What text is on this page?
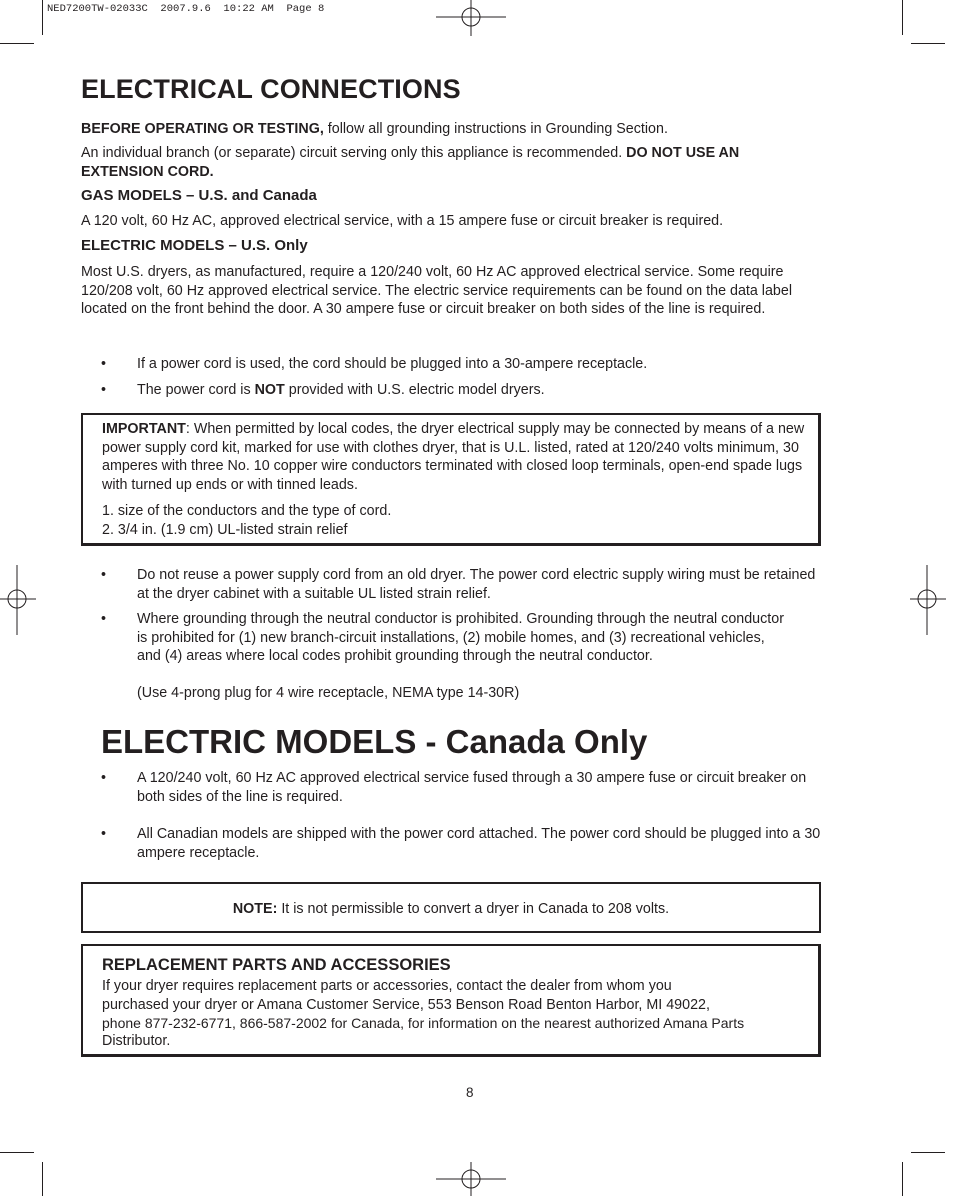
NED7200TW-02033C  2007.9.6  10:22 AM  Page 8
ELECTRICAL CONNECTIONS

BEFORE OPERATING OR TESTING, follow all grounding instructions in Grounding Section.

An individual branch (or separate) circuit serving only this appliance is recommended. DO NOT USE AN EXTENSION CORD.

GAS MODELS – U.S. and Canada

A 120 volt, 60 Hz AC, approved electrical service, with a 15 ampere fuse or circuit breaker is required.

ELECTRIC MODELS – U.S. Only

Most U.S. dryers, as manufactured, require a 120/240 volt, 60 Hz AC approved electrical service. Some require 120/208 volt, 60 Hz approved electrical service. The electric service requirements can be found on the data label located on the front behind the door. A 30 ampere fuse or circuit breaker on both sides of the line is required.

• If a power cord is used, the cord should be plugged into a 30-ampere receptacle.

• The power cord is NOT provided with U.S. electric model dryers.

IMPORTANT: When permitted by local codes, the dryer electrical supply may be connected by means of a new power supply cord kit, marked for use with clothes dryer, that is U.L. listed, rated at 120/240 volts minimum, 30 amperes with three No. 10 copper wire conductors terminated with closed loop terminals, open-end spade lugs with turned up ends or with tinned leads.

1. size of the conductors and the type of cord.
2. 3/4 in. (1.9 cm) UL-listed strain relief
• Do not reuse a power supply cord from an old dryer. The power cord electric supply wiring must be retained at the dryer cabinet with a suitable UL listed strain relief.

• Where grounding through the neutral conductor is prohibited. Grounding through the neutral conductor is prohibited for (1) new branch-circuit installations, (2) mobile homes, and (3) recreational vehicles, and (4) areas where local codes prohibit grounding through the neutral conductor.

(Use 4-prong plug for 4 wire receptacle, NEMA type 14-30R)

ELECTRIC MODELS - Canada Only
• A 120/240 volt, 60 Hz AC approved electrical service fused through a 30 ampere fuse or circuit breaker on both sides of the line is required.

• All Canadian models are shipped with the power cord attached. The power cord should be plugged into a 30 ampere receptacle.

NOTE: It is not permissible to convert a dryer in Canada to 208 volts.

REPLACEMENT PARTS AND ACCESSORIES
If your dryer requires replacement parts or accessories, contact the dealer from whom you
purchased your dryer or Amana Customer Service, 553 Benson Road Benton Harbor, MI 49022,
phone 877-232-6771, 866-587-2002 for Canada, for information on the nearest authorized Amana Parts
Distributor.
8
